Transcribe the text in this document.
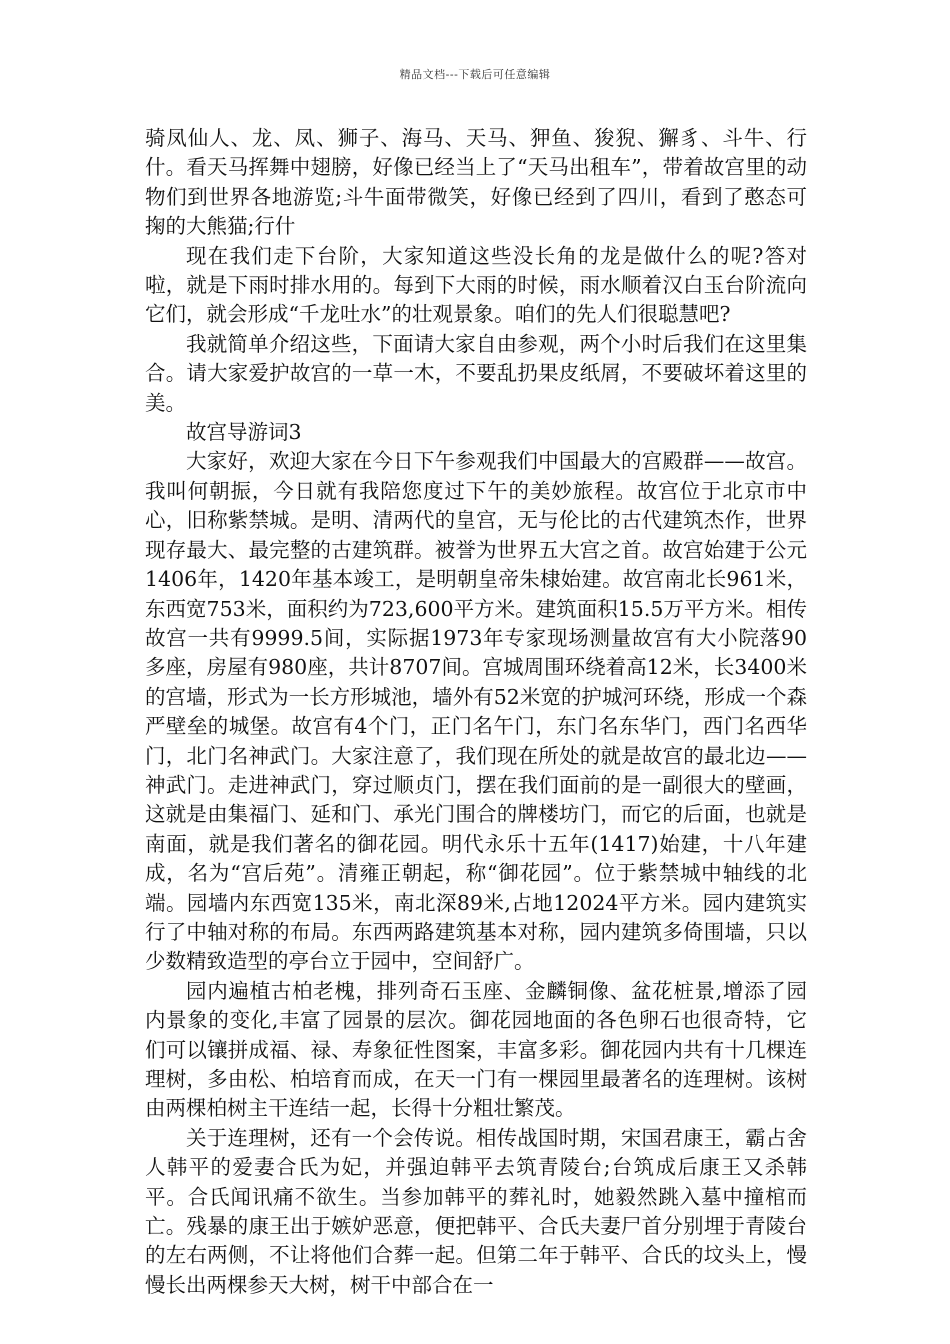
精品文档---下载后可任意编辑

骑凤仙人、龙、凤、狮子、海马、天马、狎鱼、狻猊、獬豸、斗牛、行什。看天马挥舞中翅膀，好像已经当上了“天马出租车”，带着故宫里的动物们到世界各地游览;斗牛面带微笑，好像已经到了四川，看到了憨态可掬的大熊猫;行什

现在我们走下台阶，大家知道这些没长角的龙是做什么的呢?答对啦，就是下雨时排水用的。每到下大雨的时候，雨水顺着汉白玉台阶流向它们，就会形成“千龙吐水”的壮观景象。咱们的先人们很聪慧吧?

我就简单介绍这些，下面请大家自由参观，两个小时后我们在这里集合。请大家爱护故宫的一草一木，不要乱扔果皮纸屑，不要破坏着这里的美。

故宫导游词3

大家好，欢迎大家在今日下午参观我们中国最大的宫殿群——故宫。我叫何朝振，今日就有我陪您度过下午的美妙旅程。故宫位于北京市中心，旧称紫禁城。是明、清两代的皇宫，无与伦比的古代建筑杰作，世界现存最大、最完整的古建筑群。被誉为世界五大宫之首。故宫始建于公元1406年，1420年基本竣工，是明朝皇帝朱棣始建。故宫南北长961米，东西宽753米，面积约为723,600平方米。建筑面积15.5万平方米。相传故宫一共有9999.5间，实际据1973年专家现场测量故宫有大小院落90多座，房屋有980座，共计8707间。宫城周围环绕着高12米，长3400米的宫墙，形式为一长方形城池，墙外有52米宽的护城河环绕，形成一个森严壁垒的城堡。故宫有4个门，正门名午门，东门名东华门，西门名西华门，北门名神武门。大家注意了，我们现在所处的就是故宫的最北边——神武门。走进神武门，穿过顺贞门，摆在我们面前的是一副很大的壁画，这就是由集福门、延和门、承光门围合的牌楼坊门，而它的后面，也就是南面，就是我们著名的御花园。明代永乐十五年(1417)始建，十八年建成，名为“宫后苑”。清雍正朝起，称“御花园”。位于紫禁城中轴线的北端。园墙内东西宽135米，南北深89米,占地12024平方米。园内建筑实行了中轴对称的布局。东西两路建筑基本对称，园内建筑多倚围墙，只以少数精致造型的亭台立于园中，空间舒广。

园内遍植古柏老槐，排列奇石玉座、金麟铜像、盆花桩景,增添了园内景象的变化,丰富了园景的层次。御花园地面的各色卵石也很奇特，它们可以镶拼成福、禄、寿象征性图案，丰富多彩。御花园内共有十几棵连理树，多由松、柏培育而成，在天一门有一棵园里最著名的连理树。该树由两棵柏树主干连结一起，长得十分粗壮繁茂。

关于连理树，还有一个会传说。相传战国时期，宋国君康王，霸占舍人韩平的爱妻合氏为妃，并强迫韩平去筑青陵台;台筑成后康王又杀韩平。合氏闻讯痛不欲生。当参加韩平的葬礼时，她毅然跳入墓中撞棺而亡。残暴的康王出于嫉妒恶意，便把韩平、合氏夫妻尸首分别埋于青陵台的左右两侧，不让将他们合葬一起。但第二年于韩平、合氏的坟头上，慢慢长出两棵参天大树，树干中部合在一
